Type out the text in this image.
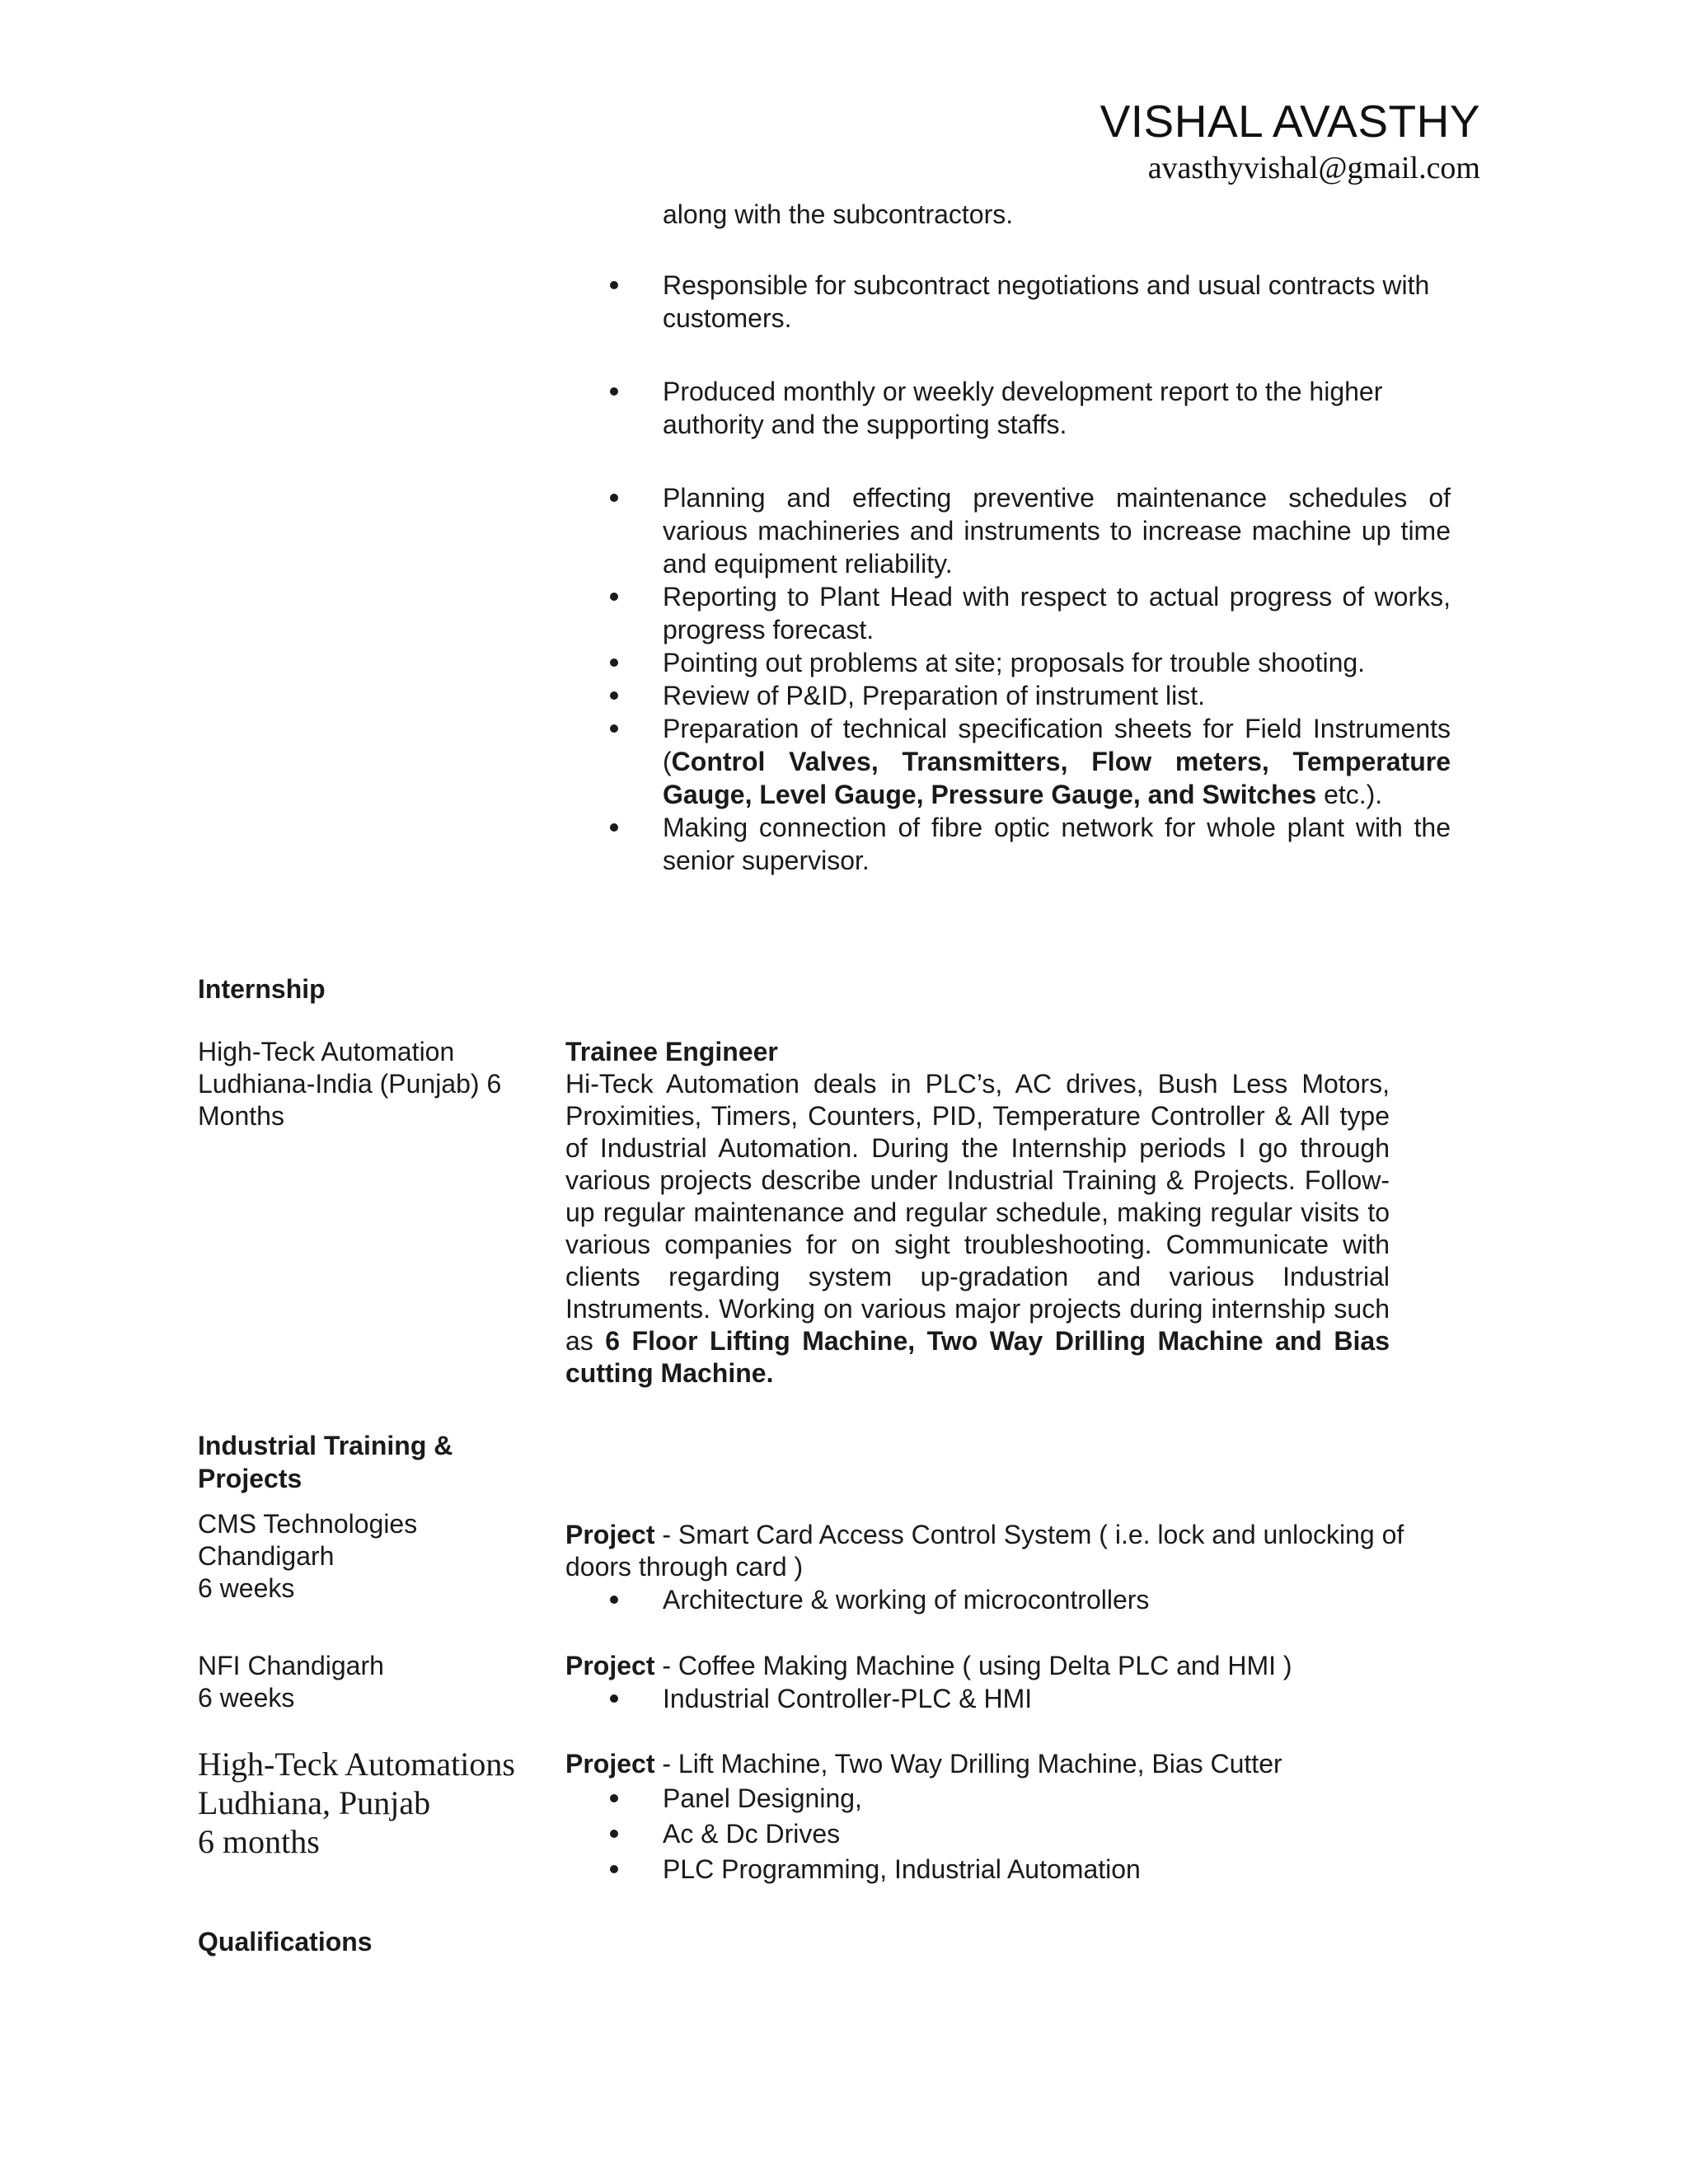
VISHAL AVASTHY
avasthyvishal@gmail.com
along with the subcontractors.
Responsible for subcontract negotiations and usual contracts with customers.
Produced monthly or weekly development report to the higher authority and the supporting staffs.
Planning and effecting preventive maintenance schedules of various machineries and instruments to increase machine up time and equipment reliability.
Reporting to Plant Head with respect to actual progress of works, progress forecast.
Pointing out problems at site; proposals for trouble shooting.
Review of P&ID, Preparation of instrument list.
Preparation of technical specification sheets for Field Instruments (Control Valves, Transmitters, Flow meters, Temperature Gauge, Level Gauge, Pressure Gauge, and Switches etc.).
Making connection of fibre optic network for whole plant with the senior supervisor.
Internship
High-Teck Automation
Ludhiana-India (Punjab) 6
Months
Trainee Engineer
Hi-Teck Automation deals in PLC’s, AC drives, Bush Less Motors, Proximities, Timers, Counters, PID, Temperature Controller & All type of Industrial Automation. During the Internship periods I go through various projects describe under Industrial Training & Projects. Follow-up regular maintenance and regular schedule, making regular visits to various companies for on sight troubleshooting. Communicate with clients regarding system up-gradation and various Industrial Instruments. Working on various major projects during internship such as 6 Floor Lifting Machine, Two Way Drilling Machine and Bias cutting Machine.
Industrial Training &
Projects
CMS Technologies
Chandigarh
6 weeks
Project - Smart Card Access Control System ( i.e. lock and unlocking of doors through card )
Architecture & working of microcontrollers
NFI Chandigarh
6 weeks
Project - Coffee Making Machine ( using Delta PLC and HMI )
Industrial Controller-PLC & HMI
High-Teck Automations
Ludhiana, Punjab
6 months
Project - Lift Machine, Two Way Drilling Machine, Bias Cutter
Panel Designing,
Ac & Dc Drives
PLC Programming, Industrial Automation
Qualifications
